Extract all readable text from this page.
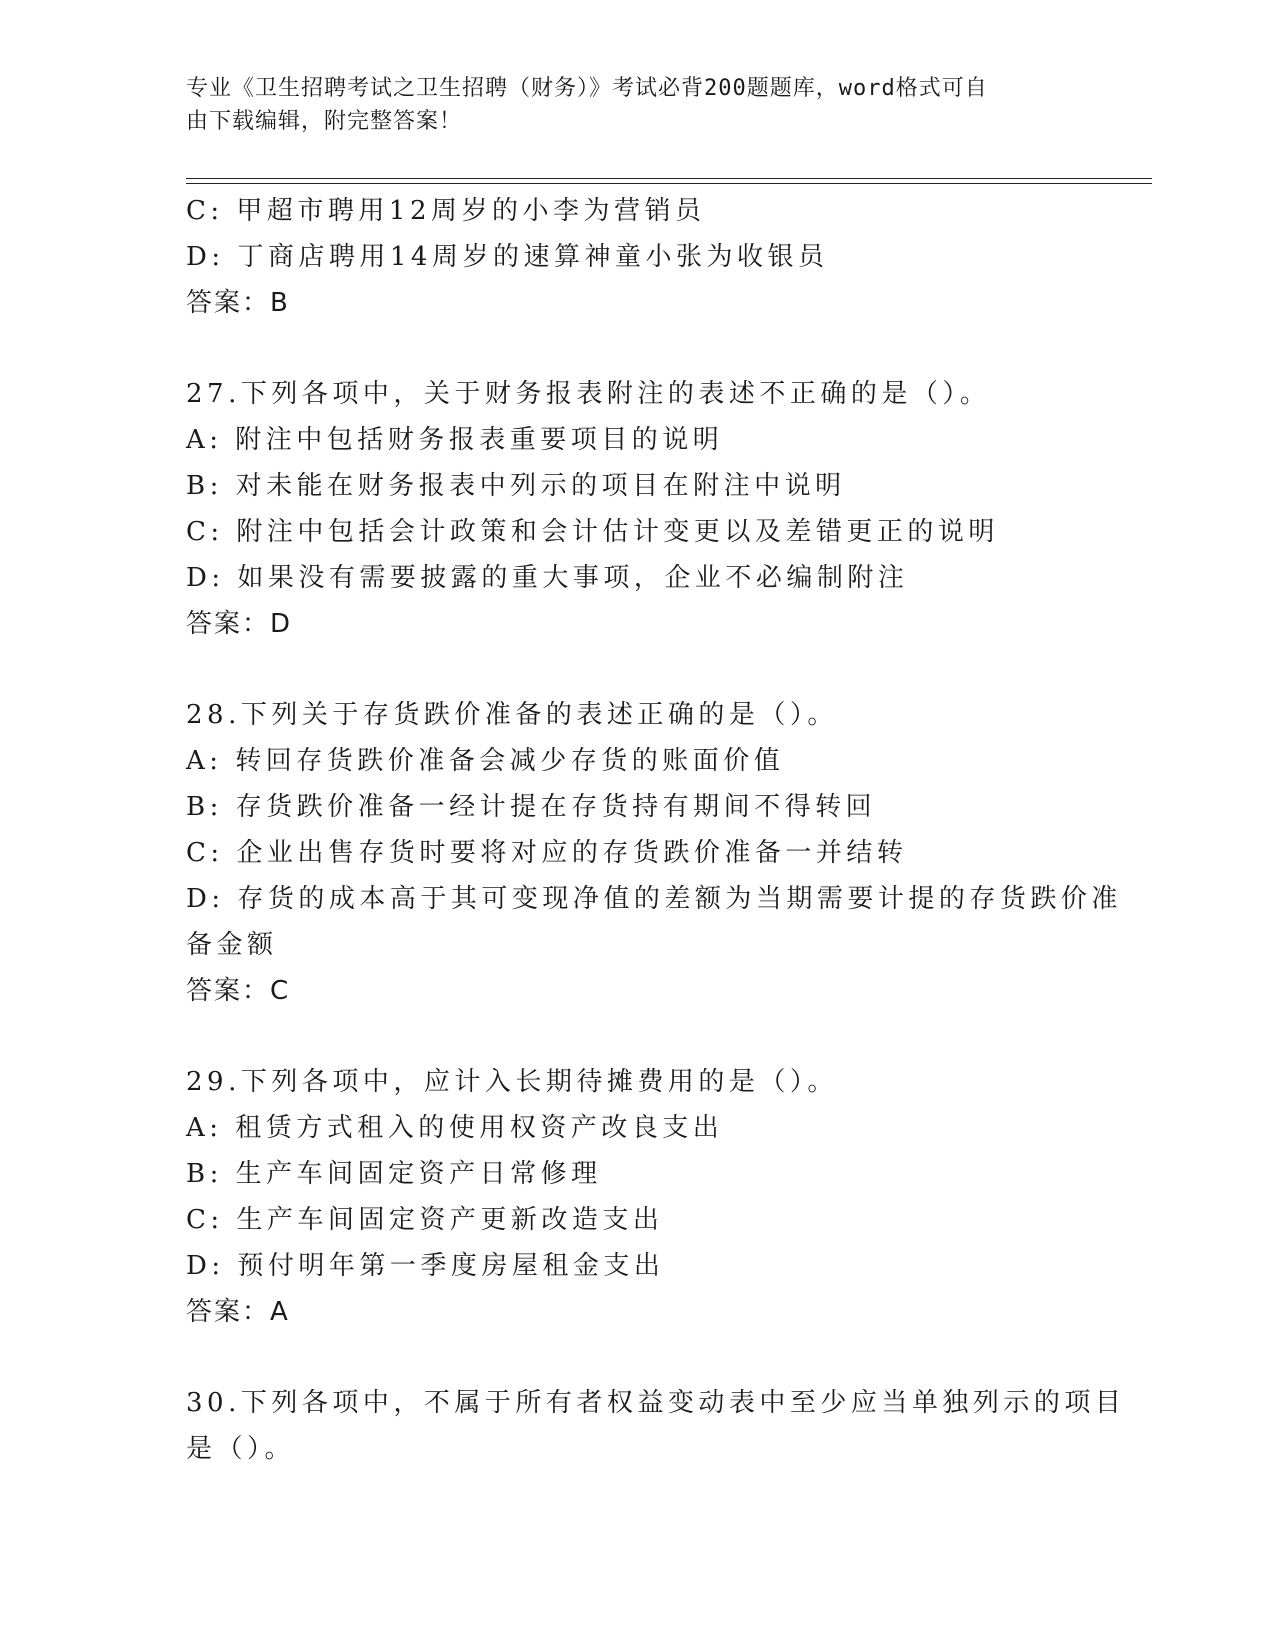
专业《卫生招聘考试之卫生招聘（财务）》考试必背200题题库，word格式可自
由下载编辑，附完整答案！
C: 甲超市聘用12周岁的小李为营销员
D: 丁商店聘用14周岁的速算神童小张为收银员
答案：B
27.下列各项中，关于财务报表附注的表述不正确的是（）。
A: 附注中包括财务报表重要项目的说明
B: 对未能在财务报表中列示的项目在附注中说明
C: 附注中包括会计政策和会计估计变更以及差错更正的说明
D: 如果没有需要披露的重大事项，企业不必编制附注
答案：D
28.下列关于存货跌价准备的表述正确的是（）。
A: 转回存货跌价准备会减少存货的账面价值
B: 存货跌价准备一经计提在存货持有期间不得转回
C: 企业出售存货时要将对应的存货跌价准备一并结转
D: 存货的成本高于其可变现净值的差额为当期需要计提的存货跌价准
备金额
答案：C
29.下列各项中，应计入长期待摊费用的是（）。
A: 租赁方式租入的使用权资产改良支出
B: 生产车间固定资产日常修理
C: 生产车间固定资产更新改造支出
D: 预付明年第一季度房屋租金支出
答案：A
30.下列各项中，不属于所有者权益变动表中至少应当单独列示的项目
是（）。
